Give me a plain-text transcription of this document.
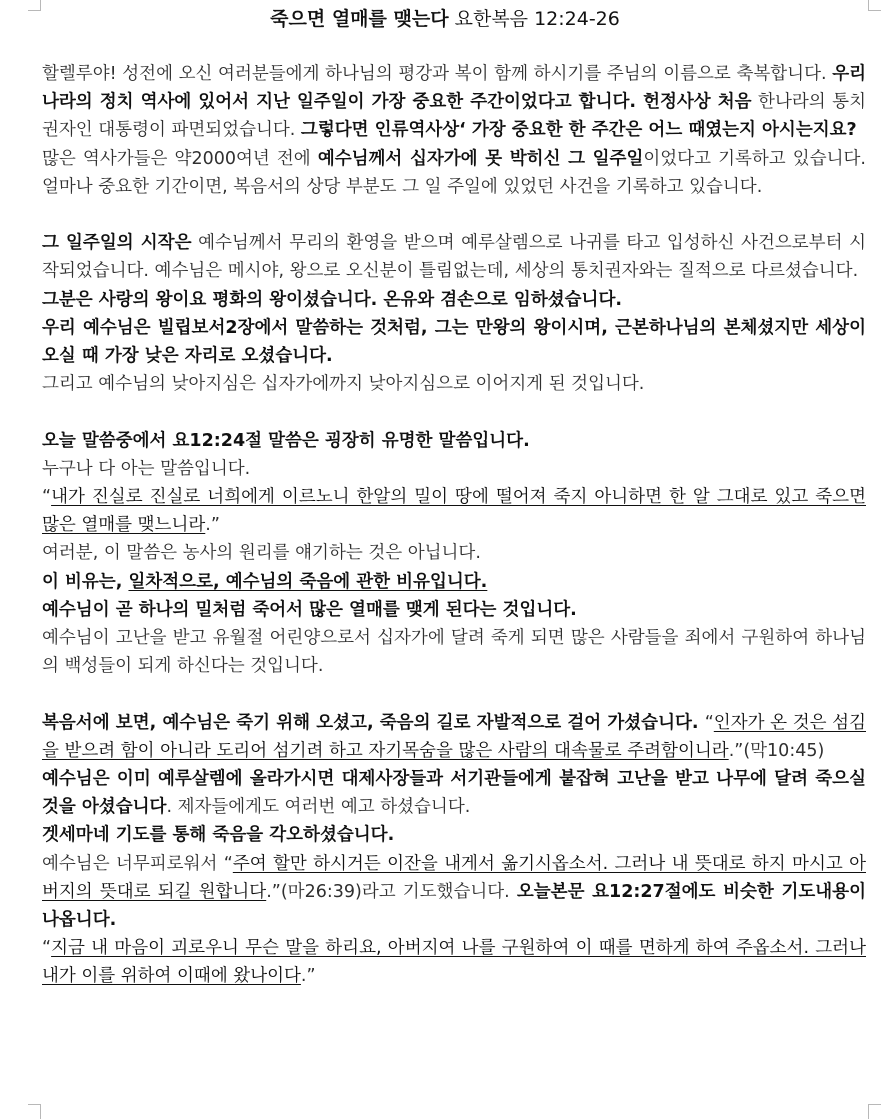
죽으면 열매를 맺는다 요한복음 12:24-26

할렐루야! 성전에 오신 여러분들에게 하나님의 평강과 복이 함께 하시기를 주님의 이름으로 축복합니다. 우리나라의 정치 역사에 있어서 지난 일주일이 가장 중요한 주간이었다고 합니다. 헌정사상 처음 한나라의 통치권자인 대통령이 파면되었습니다. 그렇다면 인류역사상‘ 가장 중요한 한 주간은 어느 때였는지 아시는지요?

많은 역사가들은 약2000여년 전에 예수님께서 십자가에 못 박히신 그 일주일이었다고 기록하고 있습니다. 얼마나 중요한 기간이면, 복음서의 상당 부분도 그 일 주일에 있었던 사건을 기록하고 있습니다.

그 일주일의 시작은 예수님께서 무리의 환영을 받으며 예루살렘으로 나귀를 타고 입성하신 사건으로부터 시작되었습니다. 예수님은 메시야, 왕으로 오신분이 틀림없는데, 세상의 통치권자와는 질적으로 다르셨습니다.

그분은 사랑의 왕이요 평화의 왕이셨습니다. 온유와 겸손으로 임하셨습니다.

우리 예수님은 빌립보서2장에서 말씀하는 것처럼, 그는 만왕의 왕이시며, 근본하나님의 본체셨지만 세상이 오실 때 가장 낮은 자리로 오셨습니다.

그리고 예수님의 낮아지심은 십자가에까지 낮아지심으로 이어지게 된 것입니다.

오늘 말씀중에서 요12:24절 말씀은 굉장히 유명한 말씀입니다.

누구나 다 아는 말씀입니다.

“내가 진실로 진실로 너희에게 이르노니 한알의 밀이 땅에 떨어져 죽지 아니하면 한 알 그대로 있고 죽으면 많은 열매를 맺느니라.”

여러분, 이 말씀은 농사의 원리를 얘기하는 것은 아닙니다.

이 비유는, 일차적으로, 예수님의 죽음에 관한 비유입니다.

예수님이 곧 하나의 밀처럼 죽어서 많은 열매를 맺게 된다는 것입니다.

예수님이 고난을 받고 유월절 어린양으로서 십자가에 달려 죽게 되면 많은 사람들을 죄에서 구원하여 하나님의 백성들이 되게 하신다는 것입니다.

복음서에 보면, 예수님은 죽기 위해 오셨고, 죽음의 길로 자발적으로 걸어 가셨습니다. “인자가 온 것은 섬김을 받으려 함이 아니라 도리어 섬기려 하고 자기목숨을 많은 사람의 대속물로 주려함이니라.”(막10:45)

예수님은 이미 예루살렘에 올라가시면 대제사장들과 서기관들에게 붙잡혀 고난을 받고 나무에 달려 죽으실 것을 아셨습니다. 제자들에게도 여러번 예고 하셨습니다.

겟세마네 기도를 통해 죽음을 각오하셨습니다.

예수님은 너무피로워서 “주여 할만 하시거든 이잔을 내게서 옮기시옵소서. 그러나 내 뜻대로 하지 마시고 아버지의 뜻대로 되길 원합니다.”(마26:39)라고 기도했습니다. 오늘본문 요12:27절에도 비슷한 기도내용이 나옵니다.

“지금 내 마음이 괴로우니 무슨 말을 하리요, 아버지여 나를 구원하여 이 때를 면하게 하여 주옵소서. 그러나 내가 이를 위하여 이때에 왔나이다.”
